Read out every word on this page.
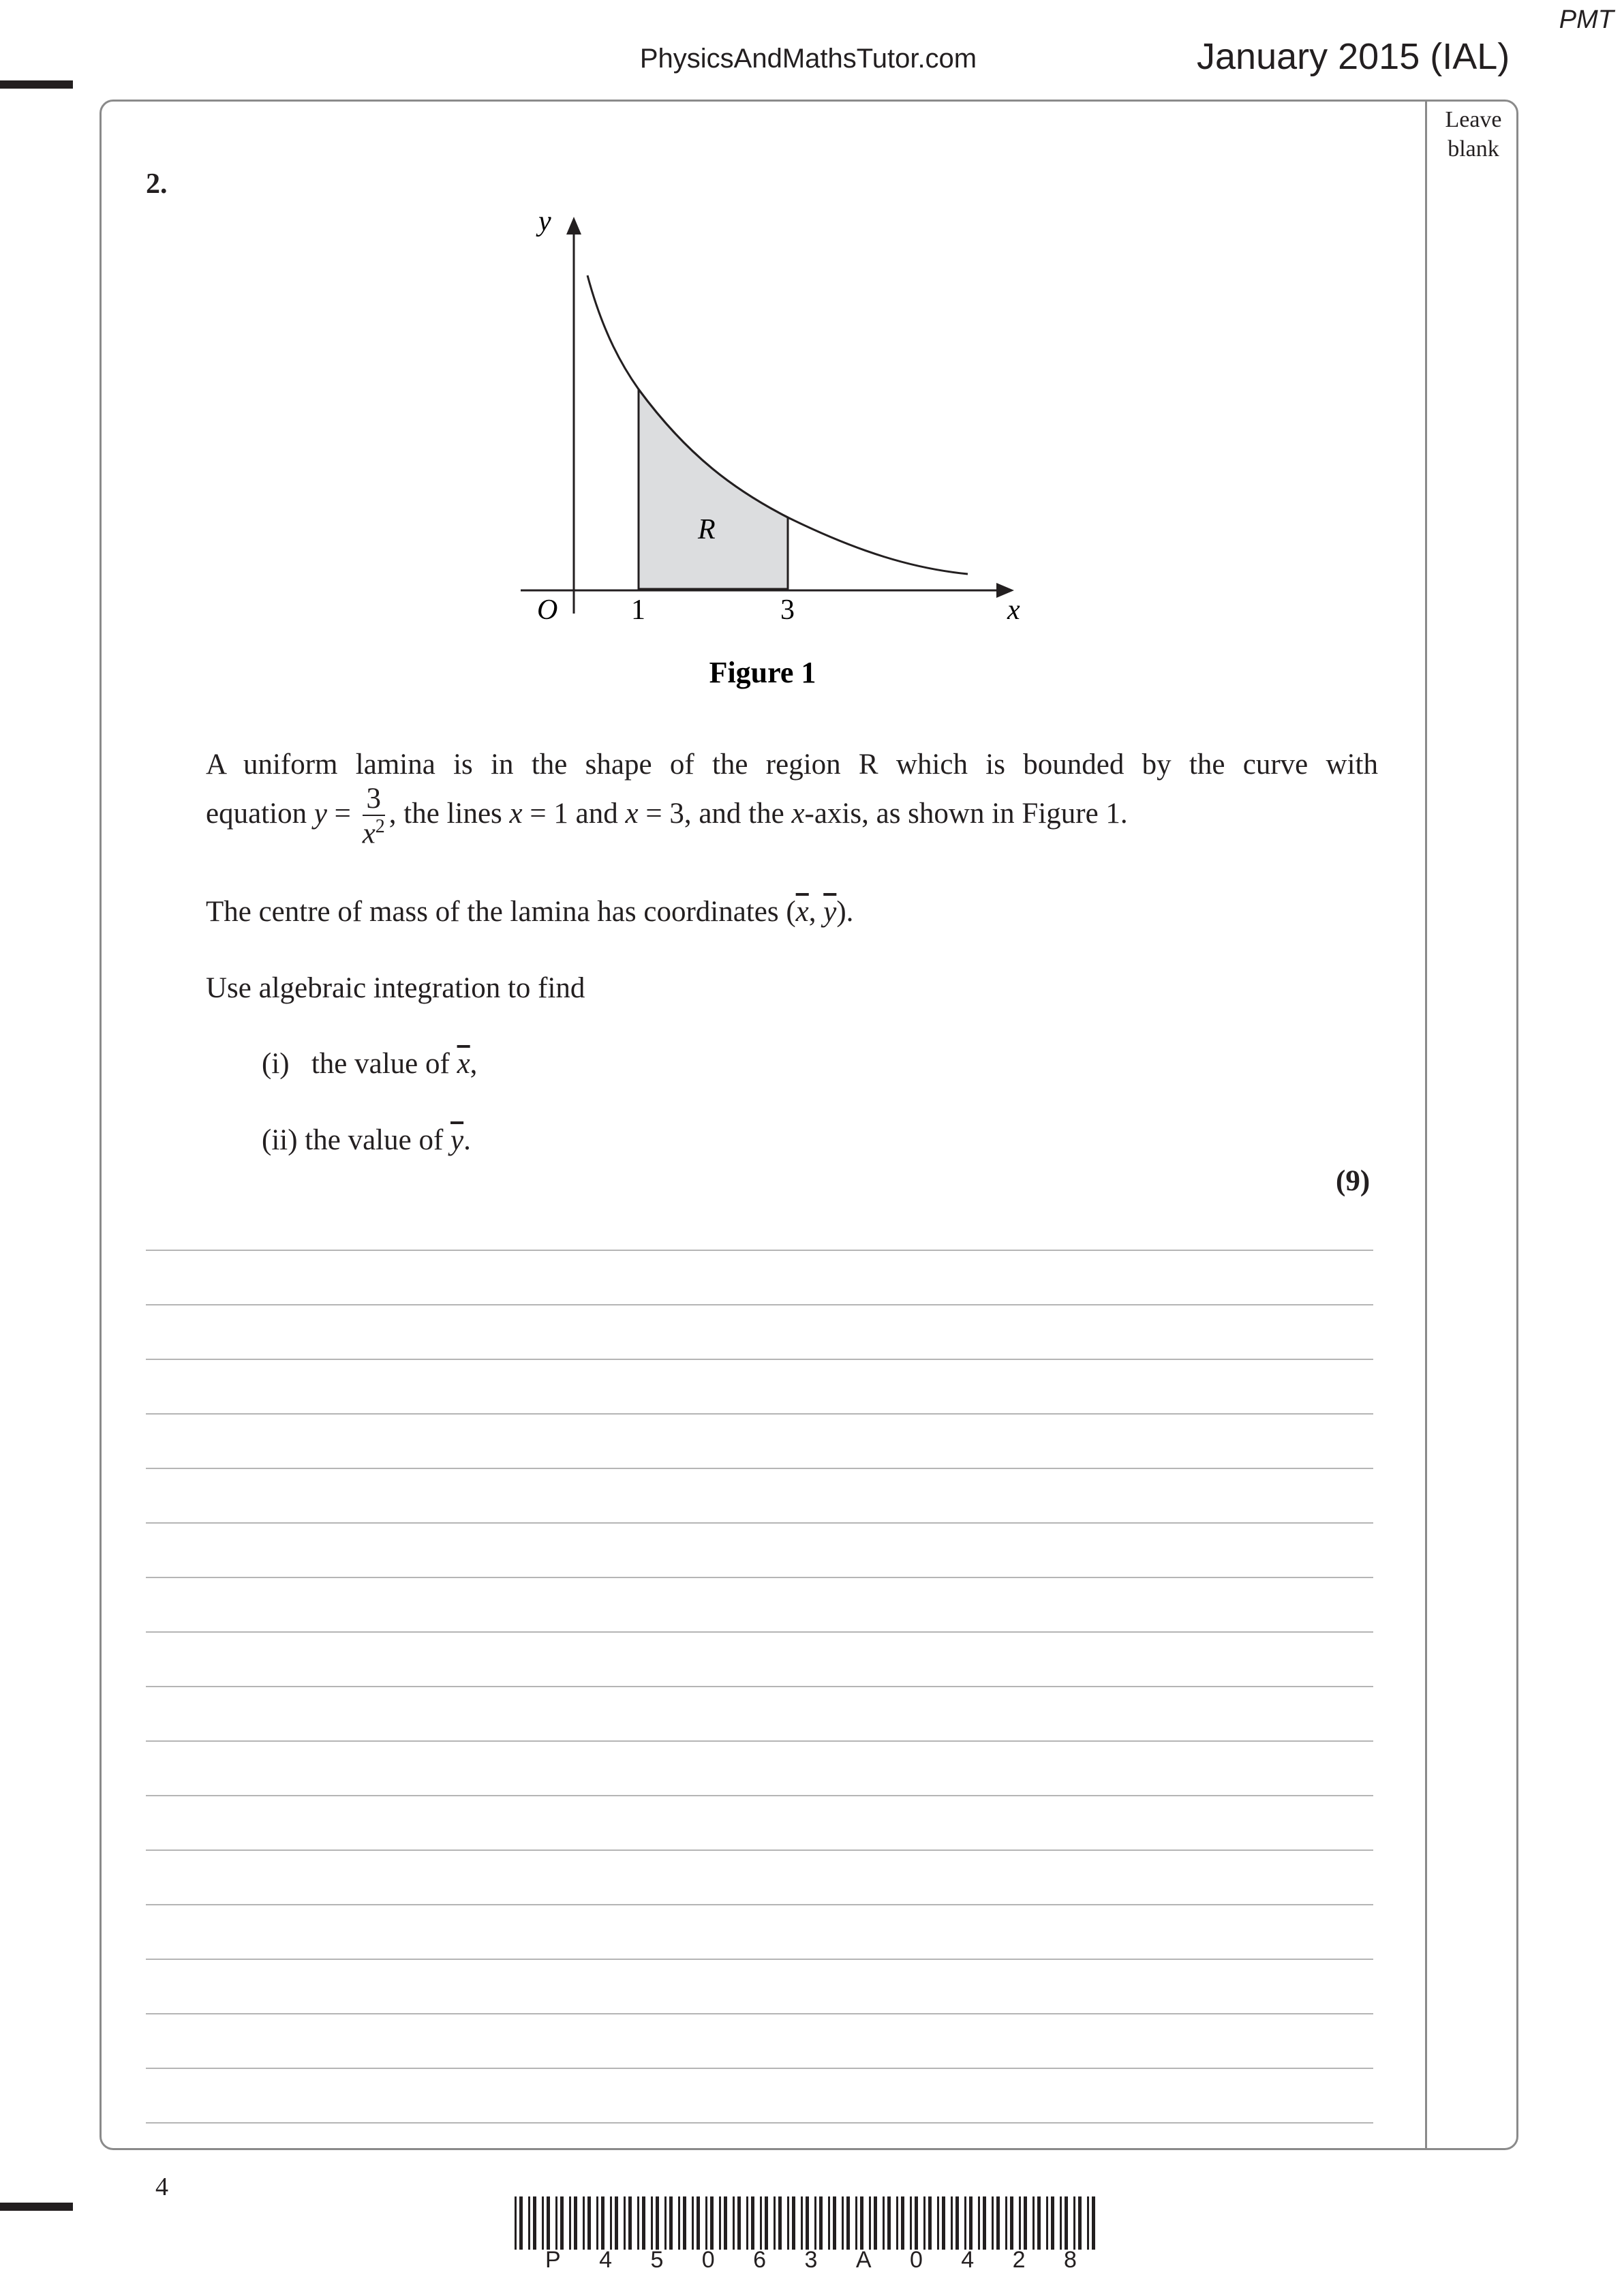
PMT
PhysicsAndMathsTutor.com	January 2015 (IAL)
Leave
blank
2.
y
x
O	1	3
R
Figure 1
A uniform lamina is in the shape of the region R which is bounded by the curve with
equation $y = \frac{3}{x^2}$ , the lines x = 1 and x = 3, and the x-axis, as shown in Figure 1.
The centre of mass of the lamina has coordinates ($\overline{x}$, $\overline{y}$).
Use algebraic integration to find
(i) the value of $\overline{x}$,
(ii) the value of $\overline{y}$.
(9)
4
P 4 5 0 6 3 A 0 4 2 8
